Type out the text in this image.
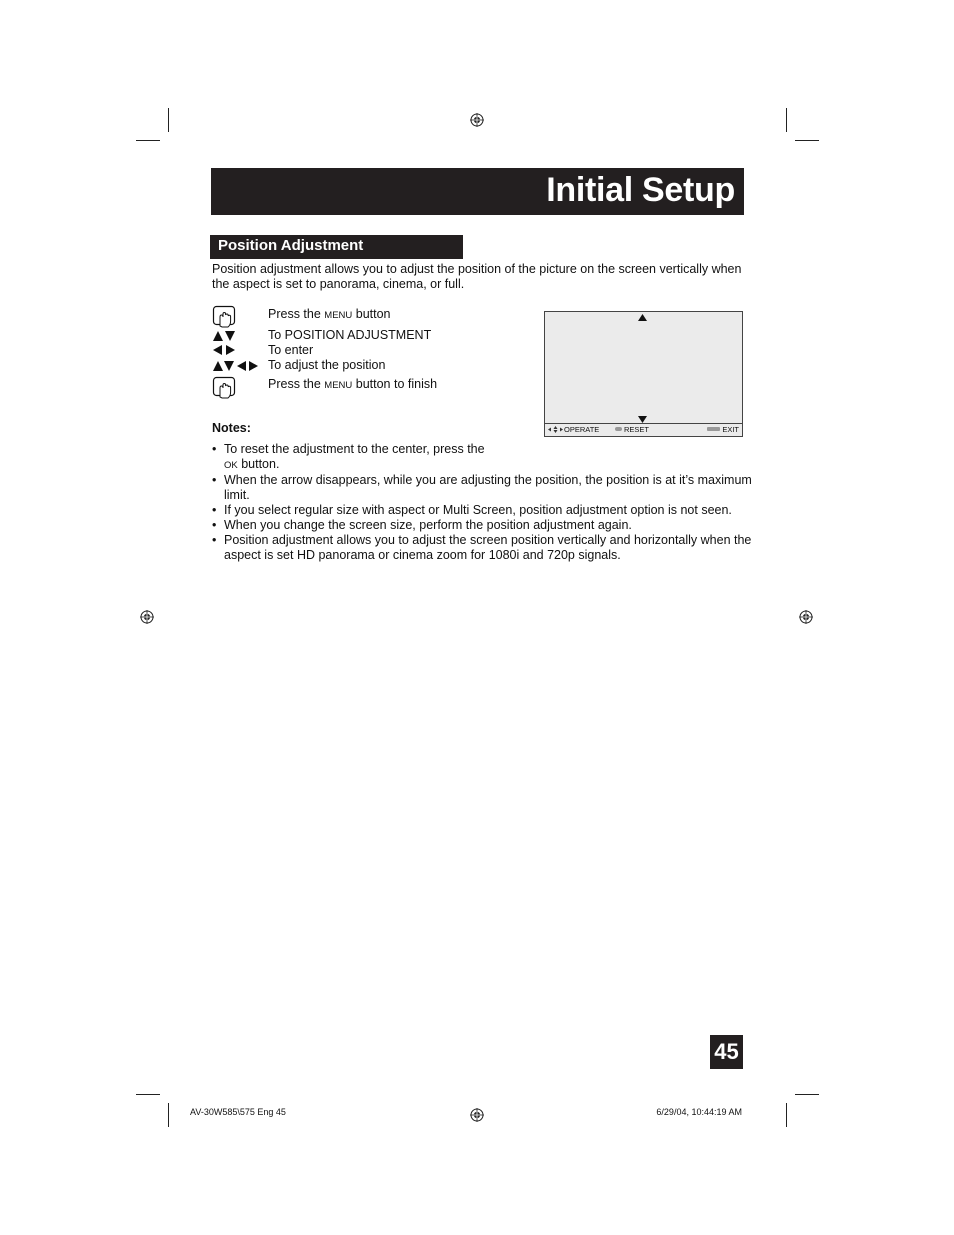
Initial Setup
Position Adjustment
Position adjustment allows you to adjust the position of the picture on the screen vertically when the aspect is set to panorama, cinema, or full.
Press the MENU button
To POSITION ADJUSTMENT
To enter
To adjust the position
Press the MENU button to finish
OPERATE	RESET	EXIT
Notes:
• To reset the adjustment to the center, press the
OK button.
• When the arrow disappears, while you are adjusting the position, the position is at it’s maximum limit.
• If you select regular size with aspect or Multi Screen, position adjustment option is not seen.
• When you change the screen size, perform the position adjustment again.
• Position adjustment allows you to adjust the screen position vertically and horizontally when the aspect is set HD panorama or cinema zoom for 1080i and 720p signals.
45
AV-30W585\575 Eng 45	6/29/04, 10:44:19 AM
